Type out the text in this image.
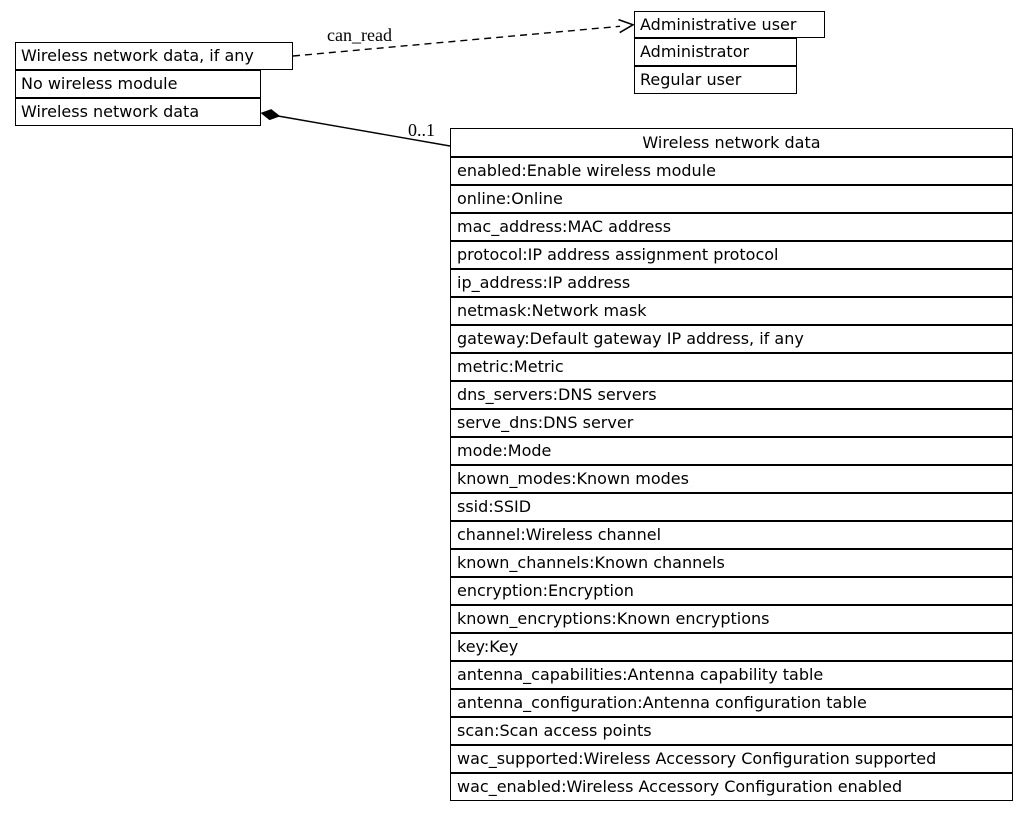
can_read
0..1
Wireless network data, if any
No wireless module
Wireless network data
Administrative user
Administrator
Regular user
Wireless network data
enabled:Enable wireless module
online:Online
mac_address:MAC address
protocol:IP address assignment protocol
ip_address:IP address
netmask:Network mask
gateway:Default gateway IP address, if any
metric:Metric
dns_servers:DNS servers
serve_dns:DNS server
mode:Mode
known_modes:Known modes
ssid:SSID
channel:Wireless channel
known_channels:Known channels
encryption:Encryption
known_encryptions:Known encryptions
key:Key
antenna_capabilities:Antenna capability table
antenna_configuration:Antenna configuration table
scan:Scan access points
wac_supported:Wireless Accessory Configuration supported
wac_enabled:Wireless Accessory Configuration enabled
